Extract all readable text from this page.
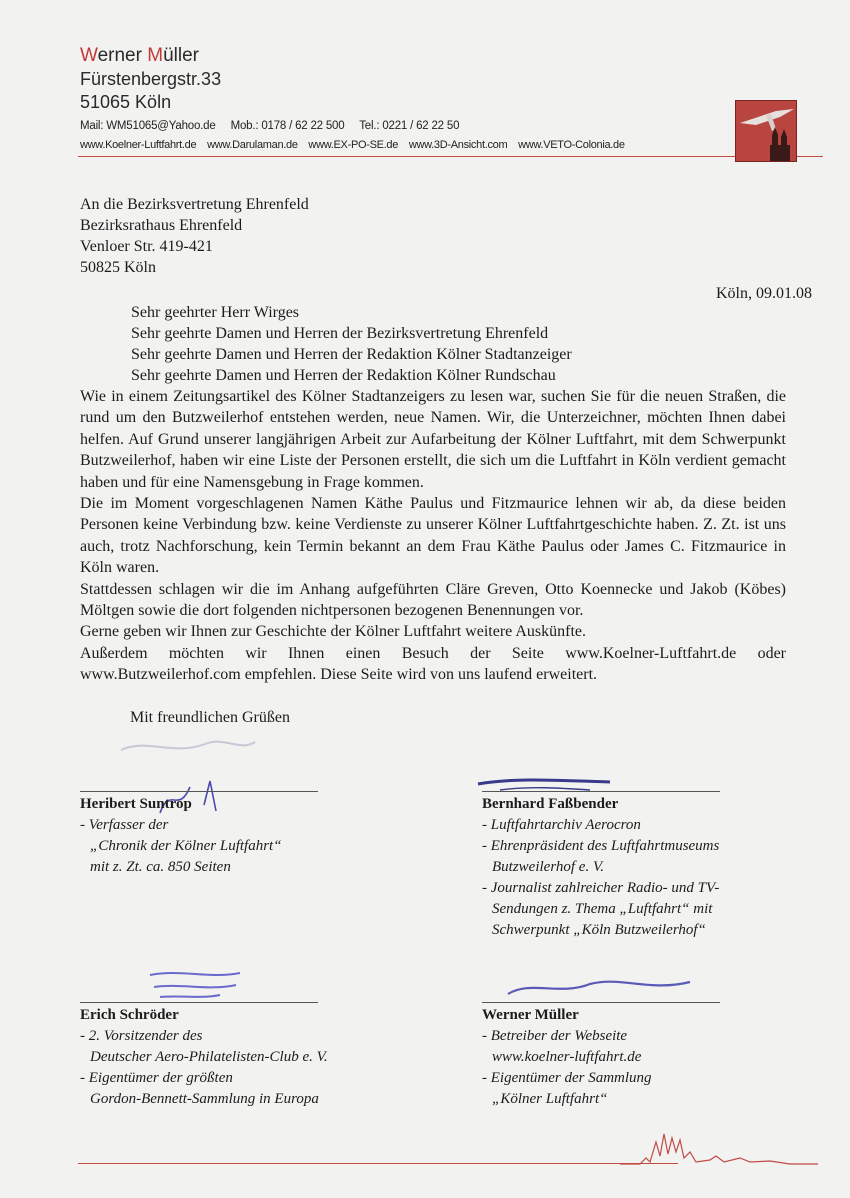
Werner Müller
Fürstenbergstr.33
51065 Köln
Mail: WM51065@Yahoo.de Mob.: 0178 / 62 22 500 Tel.: 0221 / 62 22 50
www.Koelner-Luftfahrt.de www.Darulaman.de www.EX-PO-SE.de www.3D-Ansicht.com www.VETO-Colonia.de
An die Bezirksvertretung Ehrenfeld
Bezirksrathaus Ehrenfeld
Venloer Str. 419-421
50825 Köln
Köln, 09.01.08
Sehr geehrter Herr Wirges
Sehr geehrte Damen und Herren der Bezirksvertretung Ehrenfeld
Sehr geehrte Damen und Herren der Redaktion Kölner Stadtanzeiger
Sehr geehrte Damen und Herren der Redaktion Kölner Rundschau

Wie in einem Zeitungsartikel des Kölner Stadtanzeigers zu lesen war, suchen Sie für die neuen Straßen, die rund um den Butzweilerhof entstehen werden, neue Namen. Wir, die Unterzeichner, möchten Ihnen dabei helfen. Auf Grund unserer langjährigen Arbeit zur Aufarbeitung der Kölner Luftfahrt, mit dem Schwerpunkt Butzweilerhof, haben wir eine Liste der Personen erstellt, die sich um die Luftfahrt in Köln verdient gemacht haben und für eine Namensgebung in Frage kommen.

Die im Moment vorgeschlagenen Namen Käthe Paulus und Fitzmaurice lehnen wir ab, da diese beiden Personen keine Verbindung bzw. keine Verdienste zu unserer Kölner Luftfahrtgeschichte haben. Z. Zt. ist uns auch, trotz Nachforschung, kein Termin bekannt an dem Frau Käthe Paulus oder James C. Fitzmaurice in Köln waren.

Stattdessen schlagen wir die im Anhang aufgeführten Cläre Greven, Otto Koennecke und Jakob (Köbes) Möltgen sowie die dort folgenden nichtpersonen bezogenen Benennungen vor.

Gerne geben wir Ihnen zur Geschichte der Kölner Luftfahrt weitere Auskünfte.

Außerdem möchten wir Ihnen einen Besuch der Seite www.Koelner-Luftfahrt.de oder www.Butzweilerhof.com empfehlen. Diese Seite wird von uns laufend erweitert.

Mit freundlichen Grüßen
Heribert Suntrop
- Verfasser der
„Chronik der Kölner Luftfahrt“
mit z. Zt. ca. 850 Seiten
Bernhard Faßbender
- Luftfahrtarchiv Aerocron
- Ehrenpräsident des Luftfahrtmuseums
Butzweilerhof e. V.
- Journalist zahlreicher Radio- und TV-
Sendungen z. Thema „Luftfahrt“ mit
Schwerpunkt „Köln Butzweilerhof“
Erich Schröder
- 2. Vorsitzender des
Deutscher Aero-Philatelisten-Club e. V.
- Eigentümer der größten
Gordon-Bennett-Sammlung in Europa
Werner Müller
- Betreiber der Webseite
www.koelner-luftfahrt.de
- Eigentümer der Sammlung
„Kölner Luftfahrt“
